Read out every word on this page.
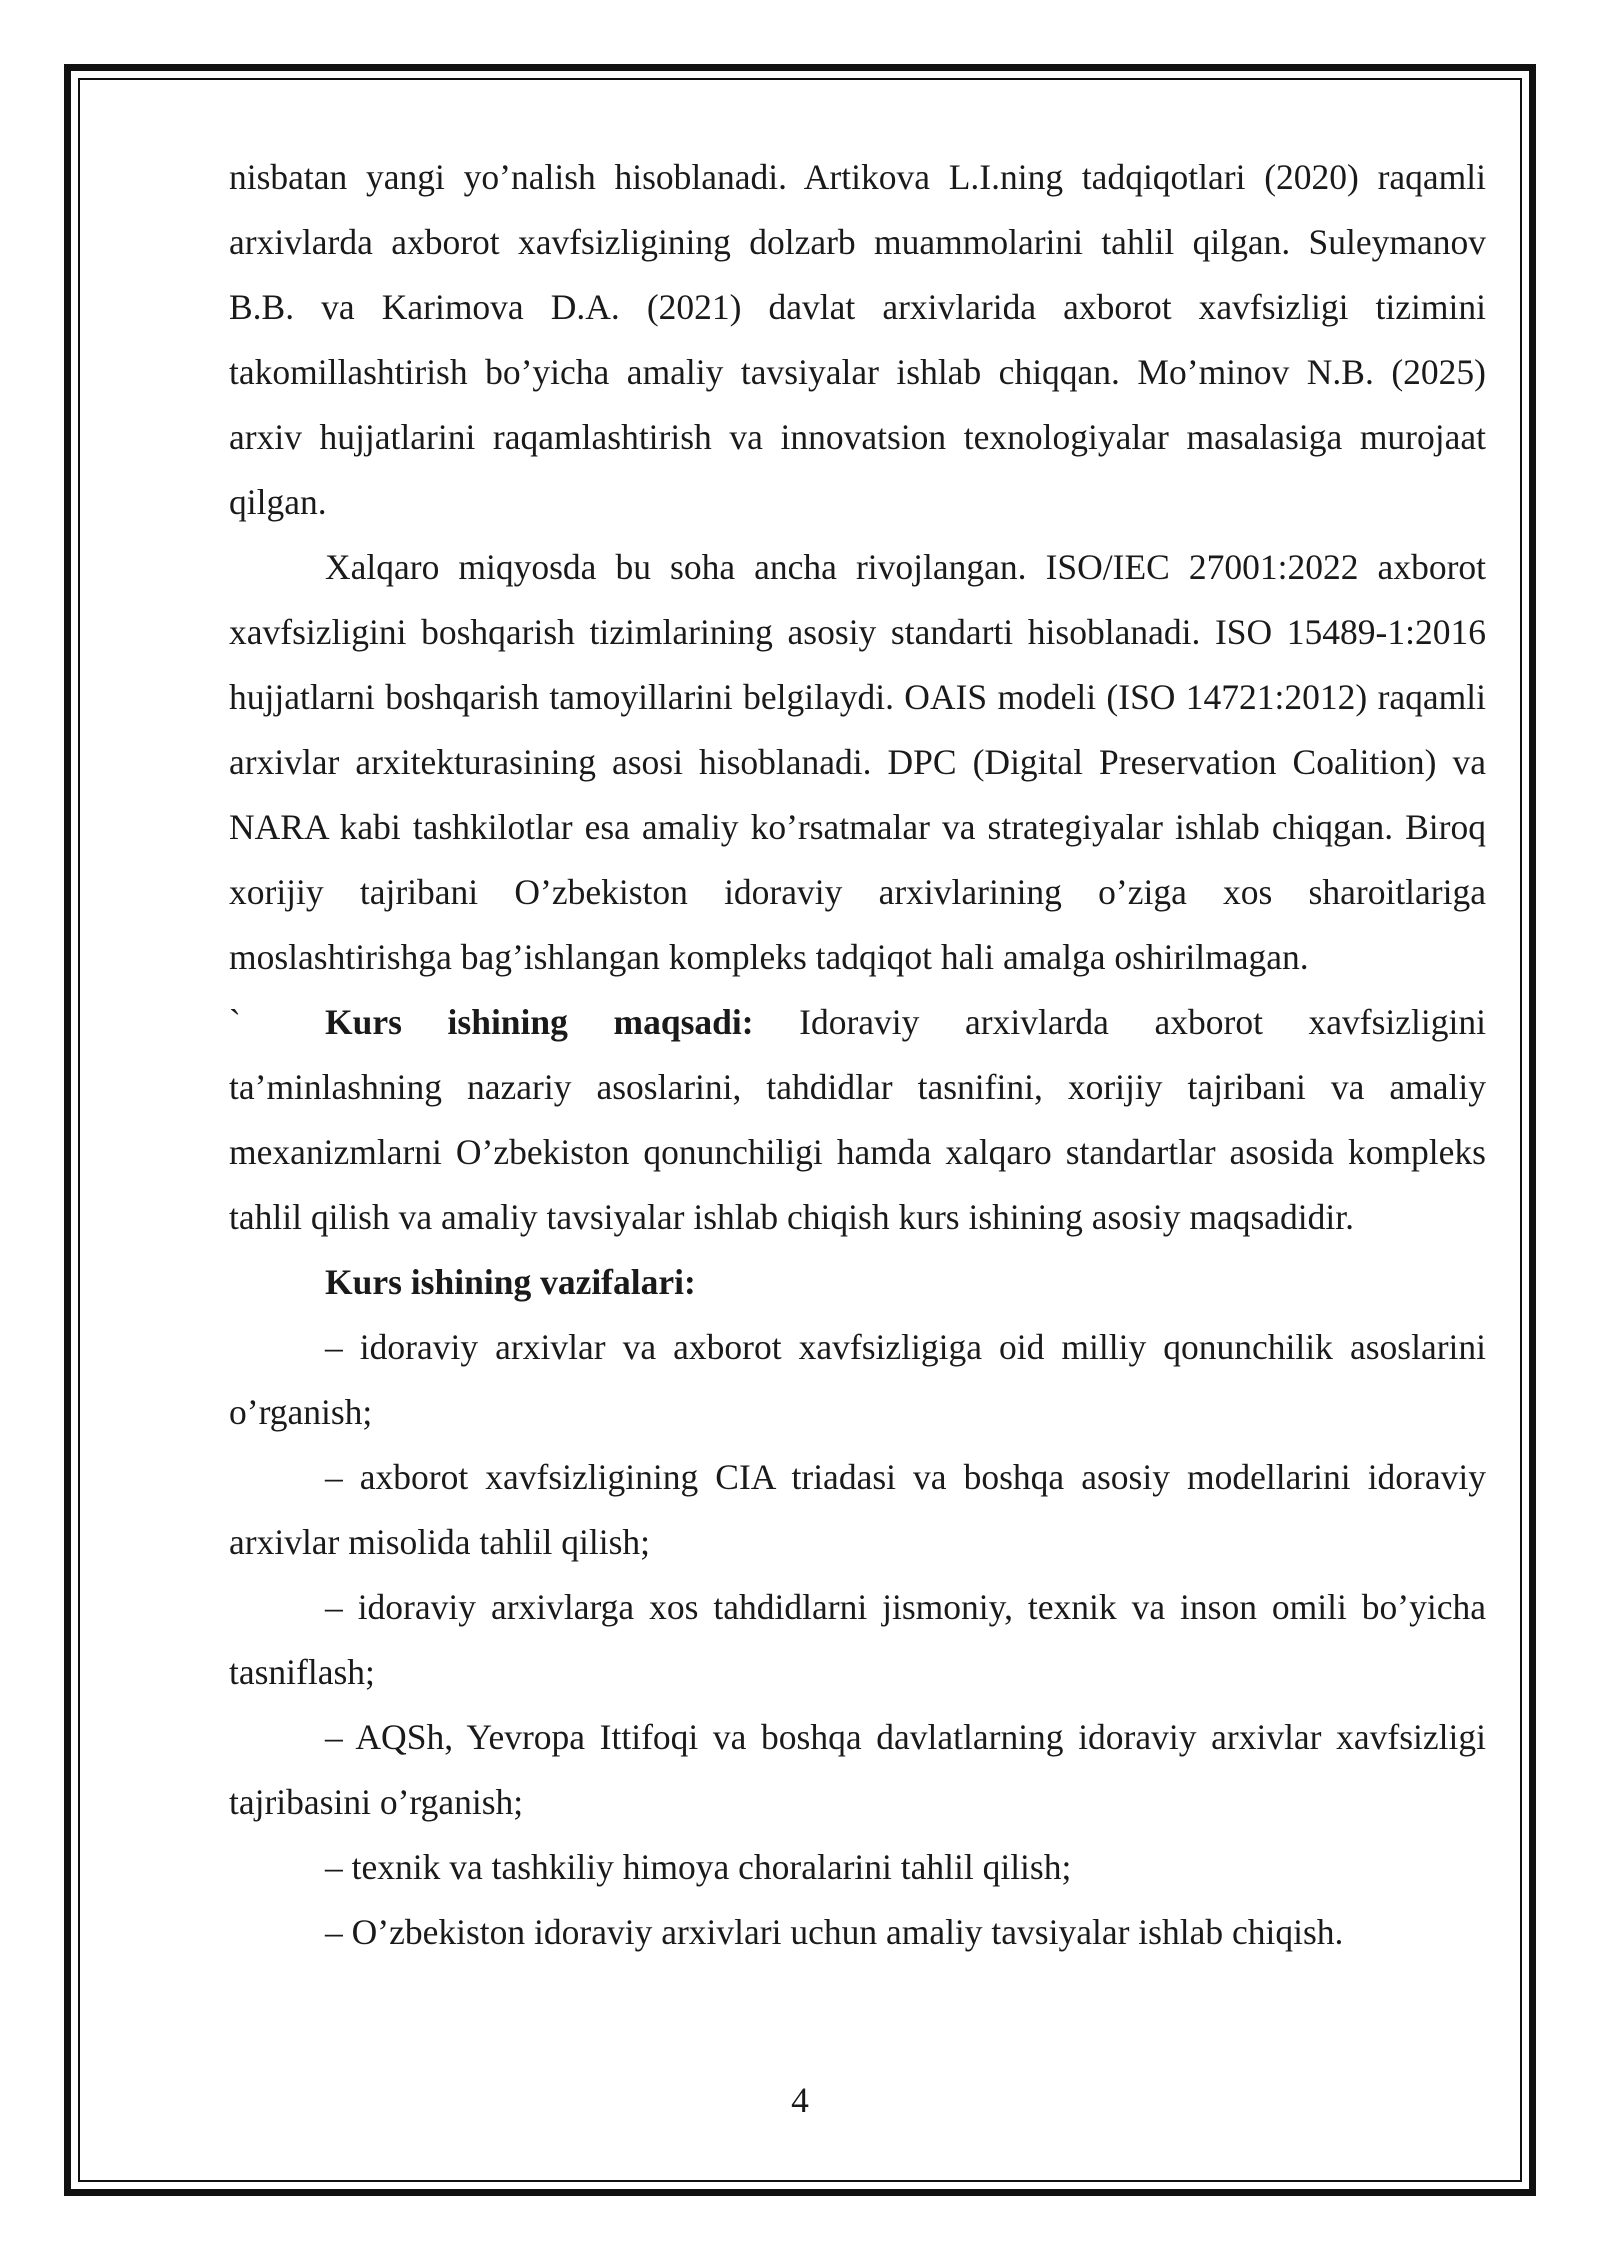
nisbatan yangi yo’nalish hisoblanadi. Artikova L.I.ning tadqiqotlari (2020) raqamli arxivlarda axborot xavfsizligining dolzarb muammolarini tahlil qilgan. Suleymanov B.B. va Karimova D.A. (2021) davlat arxivlarida axborot xavfsizligi tizimini takomillashtirish bo’yicha amaliy tavsiyalar ishlab chiqqan. Mo’minov N.B. (2025) arxiv hujjatlarini raqamlashtirish va innovatsion texnologiyalar masalasiga murojaat qilgan.

Xalqaro miqyosda bu soha ancha rivojlangan. ISO/IEC 27001:2022 axborot xavfsizligini boshqarish tizimlarining asosiy standarti hisoblanadi. ISO 15489-1:2016 hujjatlarni boshqarish tamoyillarini belgilaydi. OAIS modeli (ISO 14721:2012) raqamli arxivlar arxitekturasining asosi hisoblanadi. DPC (Digital Preservation Coalition) va NARA kabi tashkilotlar esa amaliy ko’rsatmalar va strategiyalar ishlab chiqgan. Biroq xorijiy tajribani O’zbekiston idoraviy arxivlarining o’ziga xos sharoitlariga moslashtirishga bag’ishlangan kompleks tadqiqot hali amalga oshirilmagan.

` Kurs ishining maqsadi: Idoraviy arxivlarda axborot xavfsizligini ta’minlashning nazariy asoslarini, tahdidlar tasnifini, xorijiy tajribani va amaliy mexanizmlarni O’zbekiston qonunchiligi hamda xalqaro standartlar asosida kompleks tahlil qilish va amaliy tavsiyalar ishlab chiqish kurs ishining asosiy maqsadidir.

Kurs ishining vazifalari:

– idoraviy arxivlar va axborot xavfsizligiga oid milliy qonunchilik asoslarini o’rganish;

– axborot xavfsizligining CIA triadasi va boshqa asosiy modellarini idoraviy arxivlar misolida tahlil qilish;

– idoraviy arxivlarga xos tahdidlarni jismoniy, texnik va inson omili bo’yicha tasniflash;

– AQSh, Yevropa Ittifoqi va boshqa davlatlarning idoraviy arxivlar xavfsizligi tajribasini o’rganish;

– texnik va tashkiliy himoya choralarini tahlil qilish;

– O’zbekiston idoraviy arxivlari uchun amaliy tavsiyalar ishlab chiqish.

4
